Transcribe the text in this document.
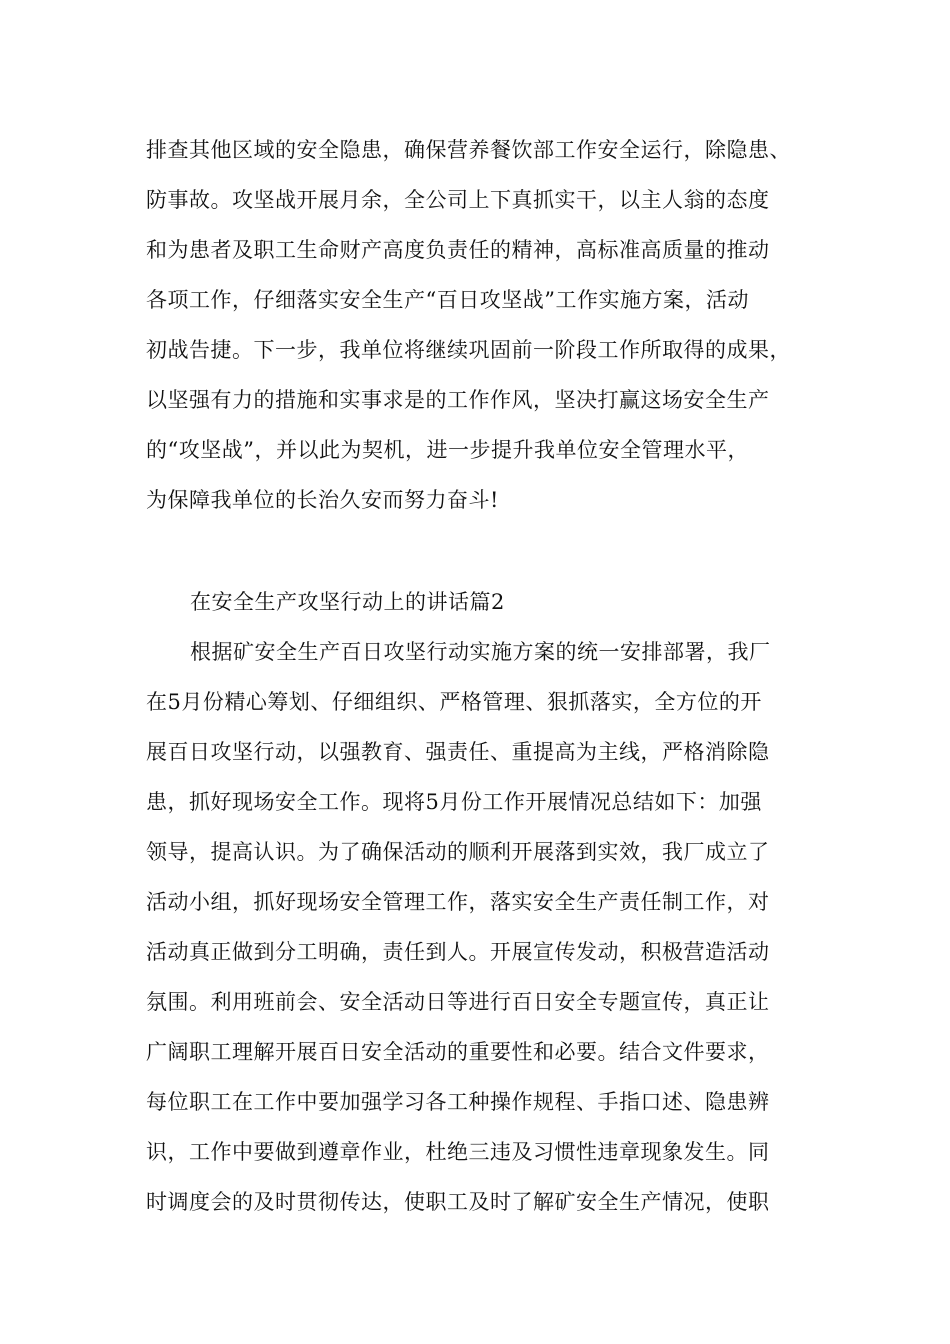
排查其他区域的安全隐患，确保营养餐饮部工作安全运行，除隐患、
防事故。攻坚战开展月余，全公司上下真抓实干，以主人翁的态度
和为患者及职工生命财产高度负责任的精神，高标准高质量的推动
各项工作，仔细落实安全生产“百日攻坚战”工作实施方案，活动
初战告捷。下一步，我单位将继续巩固前一阶段工作所取得的成果，
以坚强有力的措施和实事求是的工作作风，坚决打赢这场安全生产
的“攻坚战”，并以此为契机，进一步提升我单位安全管理水平，
为保障我单位的长治久安而努力奋斗!
在安全生产攻坚行动上的讲话篇2
根据矿安全生产百日攻坚行动实施方案的统一安排部署，我厂
在5月份精心筹划、仔细组织、严格管理、狠抓落实，全方位的开
展百日攻坚行动，以强教育、强责任、重提高为主线，严格消除隐
患，抓好现场安全工作。现将5月份工作开展情况总结如下：加强
领导，提高认识。为了确保活动的顺利开展落到实效，我厂成立了
活动小组，抓好现场安全管理工作，落实安全生产责任制工作，对
活动真正做到分工明确，责任到人。开展宣传发动，积极营造活动
氛围。利用班前会、安全活动日等进行百日安全专题宣传，真正让
广阔职工理解开展百日安全活动的重要性和必要。结合文件要求，
每位职工在工作中要加强学习各工种操作规程、手指口述、隐患辨
识，工作中要做到遵章作业，杜绝三违及习惯性违章现象发生。同
时调度会的及时贯彻传达，使职工及时了解矿安全生产情况，使职
